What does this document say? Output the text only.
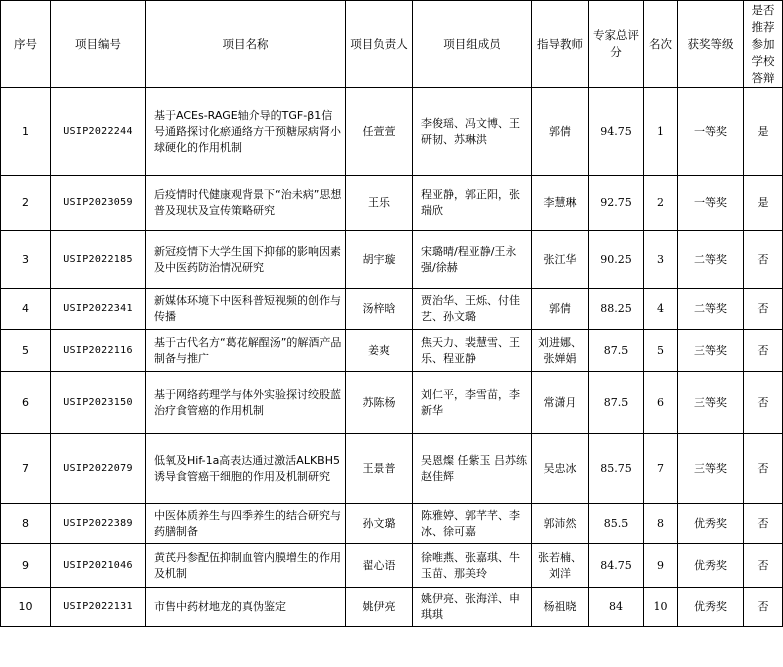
序号	项目编号	项目名称	项目负责人	项目组成员	指导教师	专家总评分	名次	获奖等级	是否推荐参加学校答辩
1	USIP2022244	基于ACEs-RAGE轴介导的TGF-β1信号通路探讨化瘀通络方干预糖尿病肾小球硬化的作用机制	任萱萱	李俊瑶、冯文博、王研韧、苏琳洪	郭倩	94.75	1	一等奖	是
2	USIP2023059	后疫情时代健康观背景下“治未病”思想普及现状及宣传策略研究	王乐	程亚静，郭正阳，张瑞欣	李慧琳	92.75	2	一等奖	是
3	USIP2022185	新冠疫情下大学生国下抑郁的影响因素及中医药防治情况研究	胡宇璇	宋璐晴/程亚静/王永强/徐赫	张江华	90.25	3	二等奖	否
4	USIP2022341	新媒体环境下中医科普短视频的创作与传播	汤梓晗	贾治华、王烁、付佳艺、孙文璐	郭倩	88.25	4	二等奖	否
5	USIP2022116	基于古代名方“葛花解酲汤”的解酒产品制备与推广	姜爽	焦天力、裴慧雪、王乐、程亚静	刘进娜、张婵娟	87.5	5	三等奖	否
6	USIP2023150	基于网络药理学与体外实验探讨绞股蓝治疗食管癌的作用机制	苏陈杨	刘仁平，李雪苗，李新华	常潇月	87.5	6	三等奖	否
7	USIP2022079	低氧及Hif-1a高表达通过激活ALKBH5诱导食管癌干细胞的作用及机制研究	王景普	吴恩燦 任紫玉 吕苏练 赵佳辉	吴忠冰	85.75	7	三等奖	否
8	USIP2022389	中医体质养生与四季养生的结合研究与药膳制备	孙文璐	陈雅婷、郭芊芊、李冰、徐可嘉	郭沛然	85.5	8	优秀奖	否
9	USIP2021046	黄芪丹参配伍抑制血管内膜增生的作用及机制	翟心语	徐唯燕、张嘉琪、牛玉苗、那美玲	张若楠、刘洋	84.75	9	优秀奖	否
10	USIP2022131	市售中药材地龙的真伪鉴定	姚伊亮	姚伊亮、张海洋、申琪琪	杨祖晓	84	10	优秀奖	否
